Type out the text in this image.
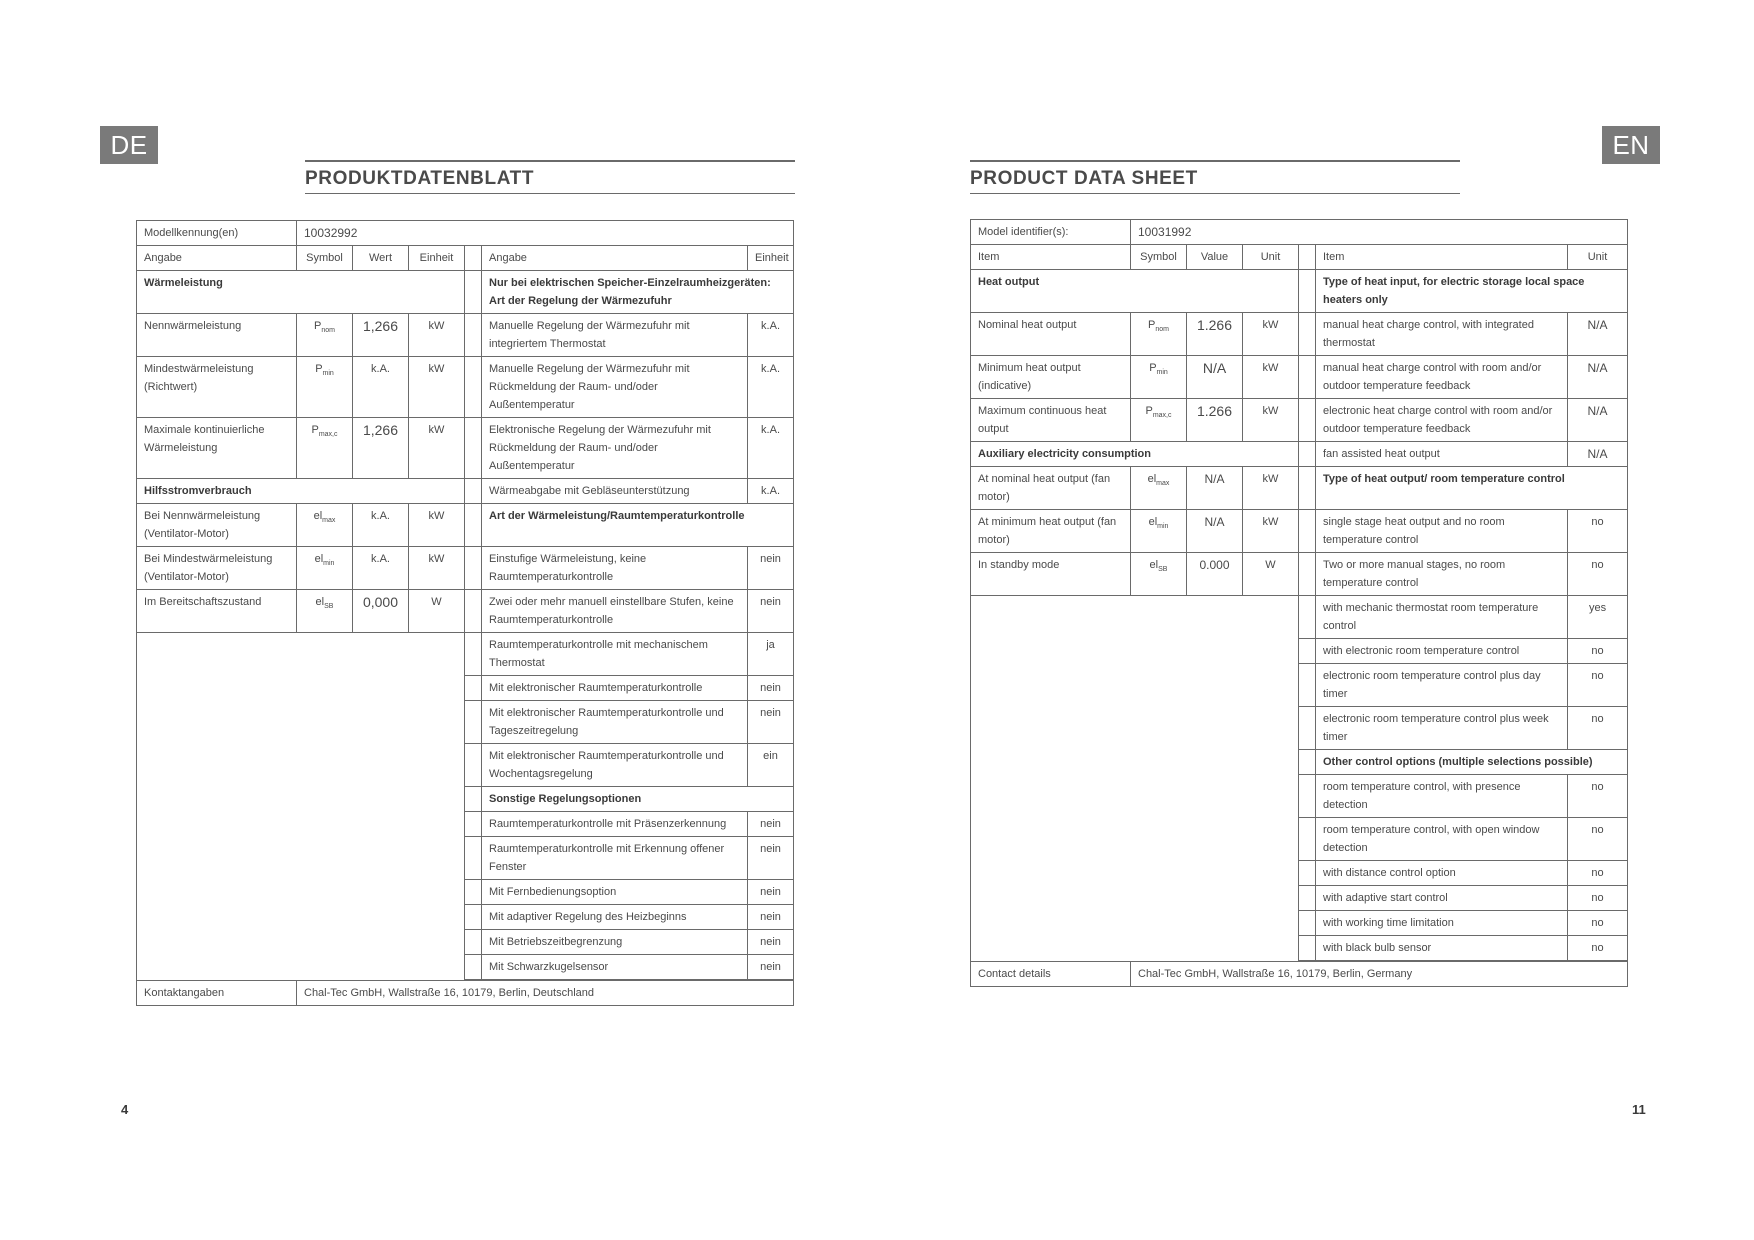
DE
PRODUKTDATENBLATT
Modellkennung(en)	10032992					
Angabe	Symbol	Wert	Einheit		Angabe	Einheit
Wärmeleistung					Nur bei elektrischen Speicher-Einzelraumheizgeräten: Art der Regelung der Wärmezufuhr	
Nennwärmeleistung	$P_{nom}$	1,266	kW		Manuelle Regelung der Wärmezufuhr mit integriertem Thermostat	k.A.
Mindestwärmeleistung (Richtwert)	$P_{min}$	k.A.	kW		Manuelle Regelung der Wärmezufuhr mit Rückmeldung der Raum- und/oder Außentemperatur	k.A.
Maximale kontinuierliche Wärmeleistung	$P_{max,c}$	1,266	kW		Elektronische Regelung der Wärmezufuhr mit Rückmeldung der Raum- und/oder Außentemperatur	k.A.
Hilfsstromverbrauch					Wärmeabgabe mit Gebläseunterstützung	k.A.
Bei Nennwärmeleistung (Ventilator-Motor)	$el_{max}$	k.A.	kW		Art der Wärmeleistung/Raumtemperaturkontrolle	
Bei Mindestwärmeleistung (Ventilator-Motor)	$el_{min}$	k.A.	kW		Einstufige Wärmeleistung, keine Raumtemperaturkontrolle	nein
Im Bereitschaftszustand	$el_{SB}$	0,000	W		Zwei oder mehr manuell einstellbare Stufen, keine Raumtemperaturkontrolle	nein
					Raumtemperaturkontrolle mit mechanischem Thermostat	ja
					Mit elektronischer Raumtemperaturkontrolle	nein
					Mit elektronischer Raumtemperaturkontrolle und Tageszeitregelung	nein
					Mit elektronischer Raumtemperaturkontrolle und Wochentagsregelung	ein
					Sonstige Regelungsoptionen	
					Raumtemperaturkontrolle mit Präsenzerkennung	nein
					Raumtemperaturkontrolle mit Erkennung offener Fenster	nein
					Mit Fernbedienungsoption	nein
					Mit adaptiver Regelung des Heizbeginns	nein
					Mit Betriebszeitbegrenzung	nein
					Mit Schwarzkugelsensor	nein

Kontaktangaben	Chal-Tec GmbH, Wallstraße 16, 10179, Berlin, Deutschland					
4
EN
PRODUCT DATA SHEET
Model identifier(s):	10031992					
Item	Symbol	Value	Unit		Item	Unit
Heat output					Type of heat input, for electric storage local space heaters only	
Nominal heat output	$P_{nom}$	1.266	kW		manual heat charge control, with integrated thermostat	N/A
Minimum heat output (indicative)	$P_{min}$	N/A	kW		manual heat charge control with room and/or outdoor temperature feedback	N/A
Maximum continuous heat output	$P_{max,c}$	1.266	kW		electronic heat charge control with room and/or outdoor temperature feedback	N/A
Auxiliary electricity consumption					fan assisted heat output	N/A
At nominal heat output (fan motor)	$el_{max}$	N/A	kW		Type of heat output/ room temperature control	
At minimum heat output (fan motor)	$el_{min}$	N/A	kW		single stage heat output and no room temperature control	no
In standby mode	$el_{SB}$	0.000	W		Two or more manual stages, no room temperature control	no
					with mechanic thermostat room temperature control	yes
					with electronic room temperature control	no
					electronic room temperature control plus day timer	no
					electronic room temperature control plus week timer	no
					Other control options (multiple selections possible)	
					room temperature control, with presence detection	no
					room temperature control, with open window detection	no
					with distance control option	no
					with adaptive start control	no
					with working time limitation	no
					with black bulb sensor	no

Contact details	Chal-Tec GmbH, Wallstraße 16, 10179, Berlin, Germany					
11
